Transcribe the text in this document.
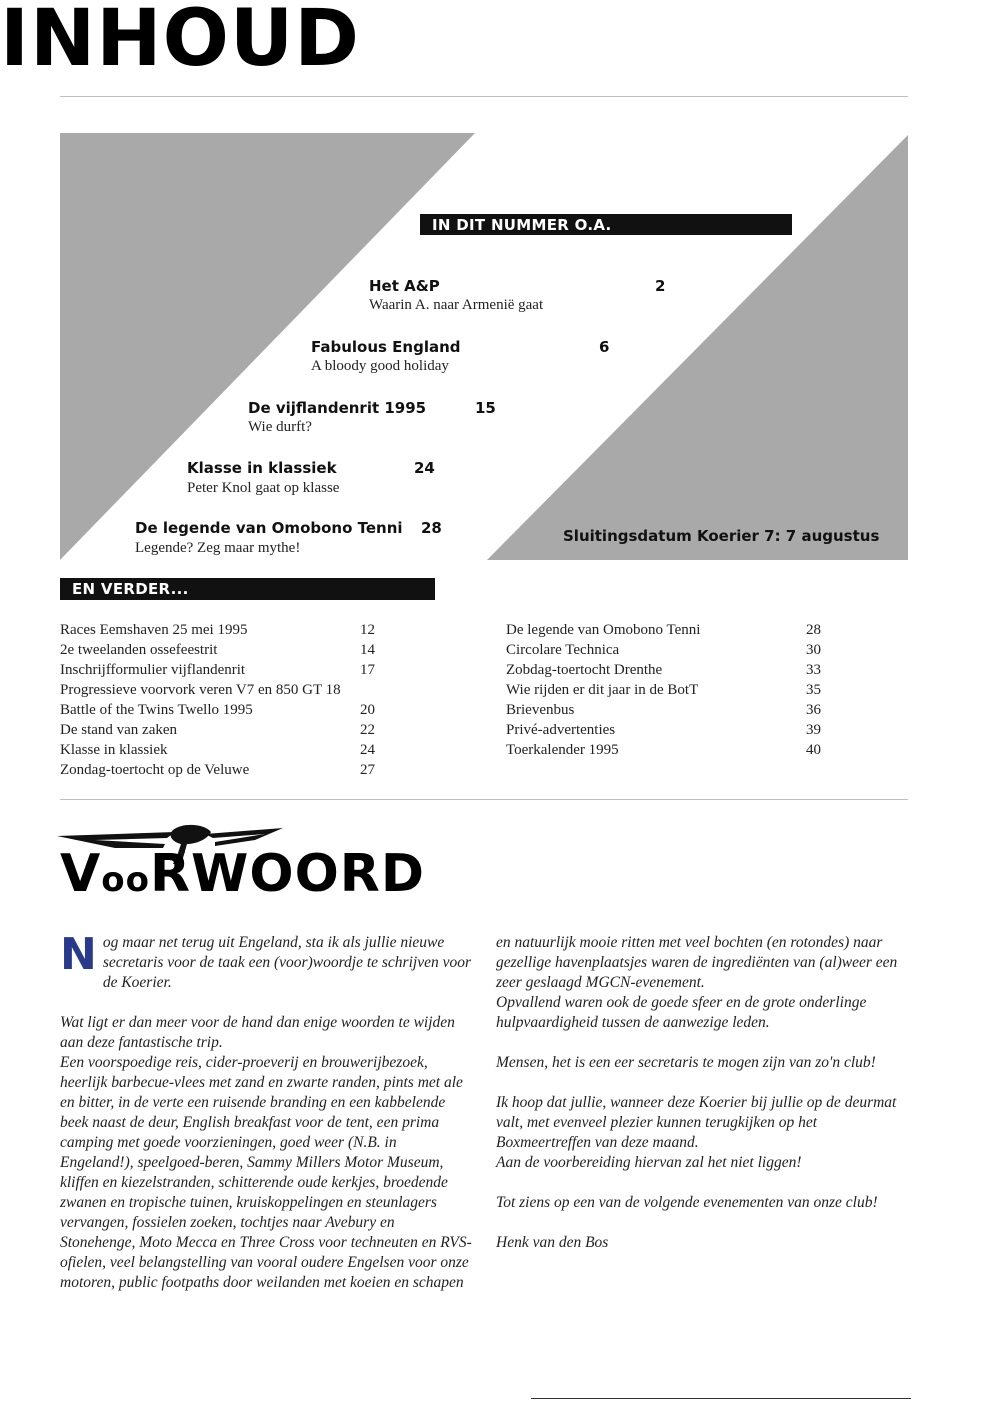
INHOUD
IN DIT NUMMER O.A.
Het A&P
Waarin A. naar Armenië gaat
2
Fabulous England
A bloody good holiday
6
De vijflandenrit 1995
Wie durft?
15
Klasse in klassiek
Peter Knol gaat op klasse
24
De legende van Omobono Tenni
Legende? Zeg maar mythe!
28	Sluitingsdatum Koerier 7: 7 augustus
EN VERDER...
Races Eemshaven 25 mei 1995	12
2e tweelanden ossefeestrit	14
Inschrijfformulier vijflandenrit	17
Progressieve voorvork veren V7 en 850 GT 18
Battle of the Twins Twello 1995	20
De stand van zaken	22
Klasse in klassiek	24
Zondag-toertocht op de Veluwe	27
De legende van Omobono Tenni	28
Circolare Technica	30
Zobdag-toertocht Drenthe	33
Wie rijden er dit jaar in de BotT	35
Brievenbus	36
Privé-advertenties	39
Toerkalender 1995	40
VooRWOORD

Nog maar net terug uit Engeland, sta ik als jullie nieuwe secretaris voor de taak een (voor)woordje te schrijven voor de Koerier.

Wat ligt er dan meer voor de hand dan enige woorden te wijden aan deze fantastische trip.

Een voorspoedige reis, cider-proeverij en brouwerijbezoek, heerlijk barbecue-vlees met zand en zwarte randen, pints met ale en bitter, in de verte een ruisende branding en een kabbelende beek naast de deur, English breakfast voor de tent, een prima camping met goede voorzieningen, goed weer (N.B. in Engeland!), speelgoed-beren, Sammy Millers Motor Museum, kliffen en kiezelstranden, schitterende oude kerkjes, broedende zwanen en tropische tuinen, kruiskoppelingen en steunlagers vervangen, fossielen zoeken, tochtjes naar Avebury en Stonehenge, Moto Mecca en Three Cross voor techneuten en RVS-ofielen, veel belangstelling van vooral oudere Engelsen voor onze motoren, public footpaths door weilanden met koeien en schapen

en natuurlijk mooie ritten met veel bochten (en rotondes) naar gezellige havenplaatsjes waren de ingrediënten van (al)weer een zeer geslaagd MGCN-evenement.

Opvallend waren ook de goede sfeer en de grote onderlinge hulpvaardigheid tussen de aanwezige leden.

Mensen, het is een eer secretaris te mogen zijn van zo'n club!

Ik hoop dat jullie, wanneer deze Koerier bij jullie op de deurmat valt, met evenveel plezier kunnen terugkijken op het Boxmeertreffen van deze maand.

Aan de voorbereiding hiervan zal het niet liggen!

Tot ziens op een van de volgende evenementen van onze club!

Henk van den Bos
